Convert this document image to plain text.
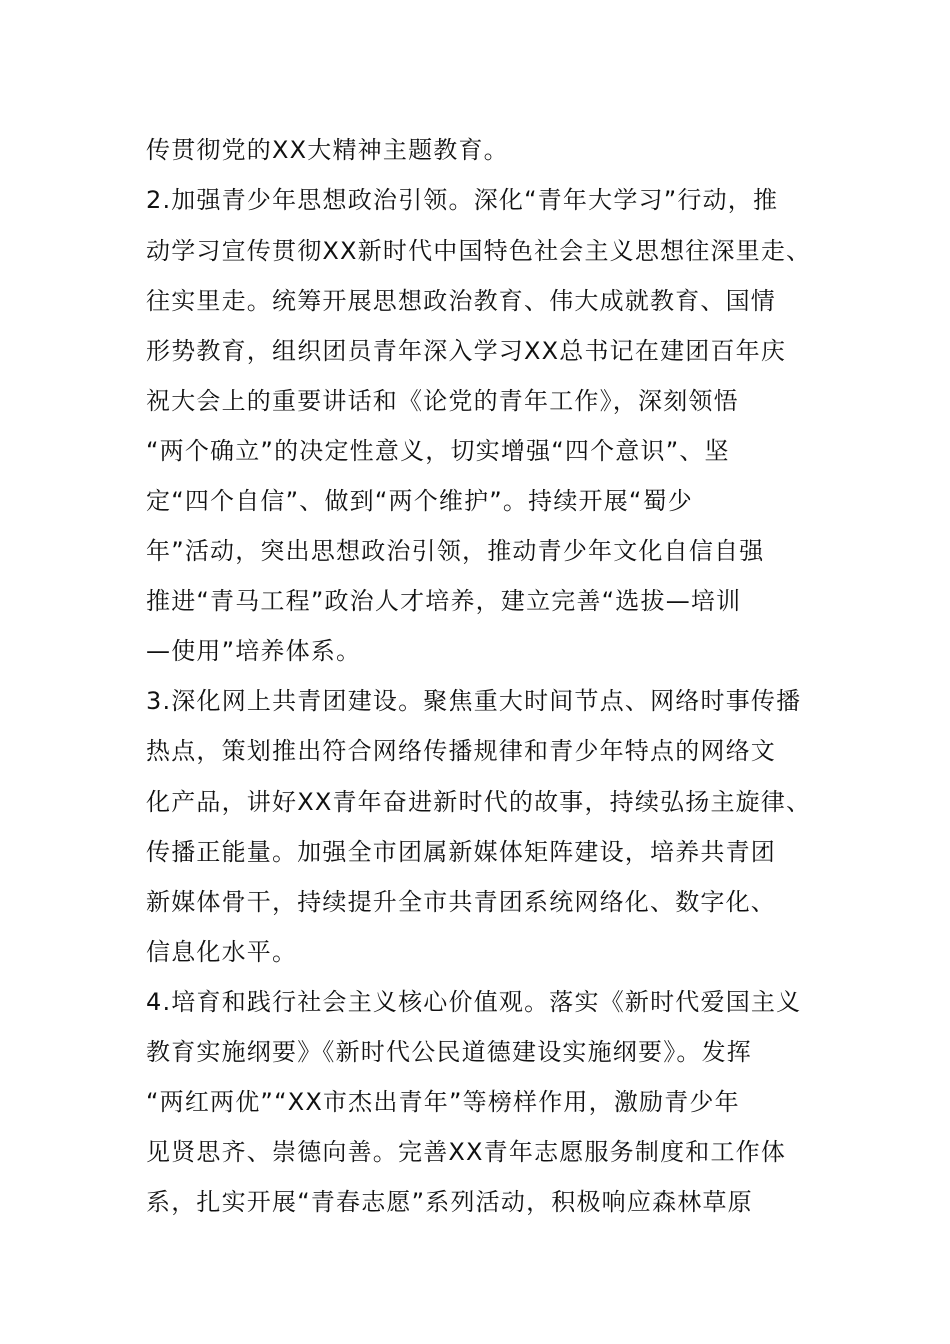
传贯彻党的XX大精神主题教育。
2.加强青少年思想政治引领。深化“青年大学习”行动，推
动学习宣传贯彻XX新时代中国特色社会主义思想往深里走、
往实里走。统筹开展思想政治教育、伟大成就教育、国情
形势教育，组织团员青年深入学习XX总书记在建团百年庆
祝大会上的重要讲话和《论党的青年工作》，深刻领悟
“两个确立”的决定性意义，切实增强“四个意识”、坚
定“四个自信”、做到“两个维护”。持续开展“蜀少
年”活动，突出思想政治引领，推动青少年文化自信自强
推进“青马工程”政治人才培养，建立完善“选拔—培训
—使用”培养体系。
3.深化网上共青团建设。聚焦重大时间节点、网络时事传播
热点，策划推出符合网络传播规律和青少年特点的网络文
化产品，讲好XX青年奋进新时代的故事，持续弘扬主旋律、
传播正能量。加强全市团属新媒体矩阵建设，培养共青团
新媒体骨干，持续提升全市共青团系统网络化、数字化、
信息化水平。
4.培育和践行社会主义核心价值观。落实《新时代爱国主义
教育实施纲要》《新时代公民道德建设实施纲要》。发挥
“两红两优”“XX市杰出青年”等榜样作用，激励青少年
见贤思齐、崇德向善。完善XX青年志愿服务制度和工作体
系，扎实开展“青春志愿”系列活动，积极响应森林草原
